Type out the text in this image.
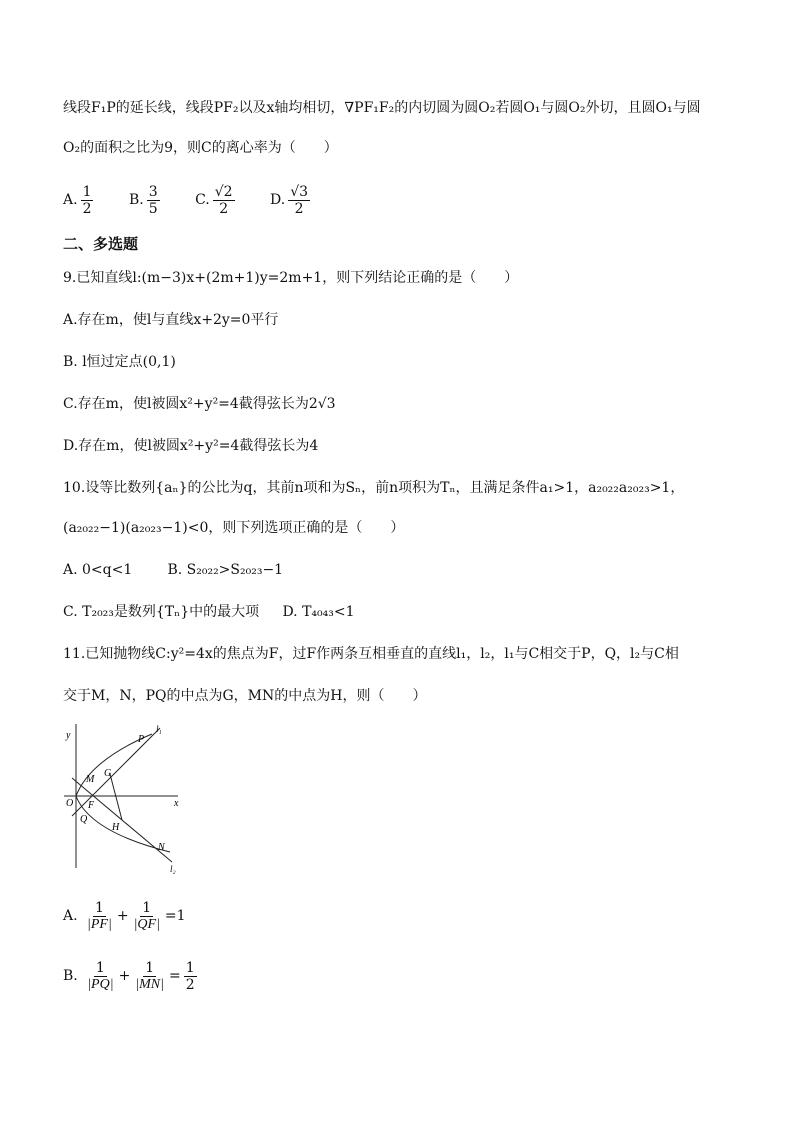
线段F₁P的延长线，线段PF₂以及x轴均相切，∇PF₁F₂的内切圆为圆O₂若圆O₁与圆O₂外切，且圆O₁与圆
O₂的面积之比为9，则C的离心率为（　　）
A. $\frac{1}{2}$
	B. $\frac{3}{5}$
	C. $\frac{√2}{2}$
	D. $\frac{√3}{2}$
二、多选题
9.已知直线l:(m−3)x+(2m+1)y=2m+1，则下列结论正确的是（　　）
A.存在m，使l与直线x+2y=0平行
B. l恒过定点(0,1)
C.存在m，使l被圆x²+y²=4截得弦长为2√3
D.存在m，使l被圆x²+y²=4截得弦长为4
10.设等比数列{aₙ}的公比为q，其前n项和为Sₙ，前n项积为Tₙ，且满足条件a₁>1，a₂₀₂₂a₂₀₂₃>1，
(a₂₀₂₂−1)(a₂₀₂₃−1)<0，则下列选项正确的是（　　）
A. 0<q<1	B. S₂₀₂₂>S₂₀₂₃−1
C. T₂₀₂₃是数列{Tₙ}中的最大项 D. T₄₀₄₃<1
11.已知抛物线C:y²=4x的焦点为F，过F作两条互相垂直的直线l₁，l₂，l₁与C相交于P，Q，l₂与C相
交于M，N，PQ的中点为G，MN的中点为H，则（　　）
y
x
O F
P
Q
M
N
G
H
l₁
l₂
A. $\frac{1}{|PF|} + \frac{1}{|QF|} =1$
B. $\frac{1}{|PQ|} + \frac{1}{|MN|} = \frac{1}{2}$
